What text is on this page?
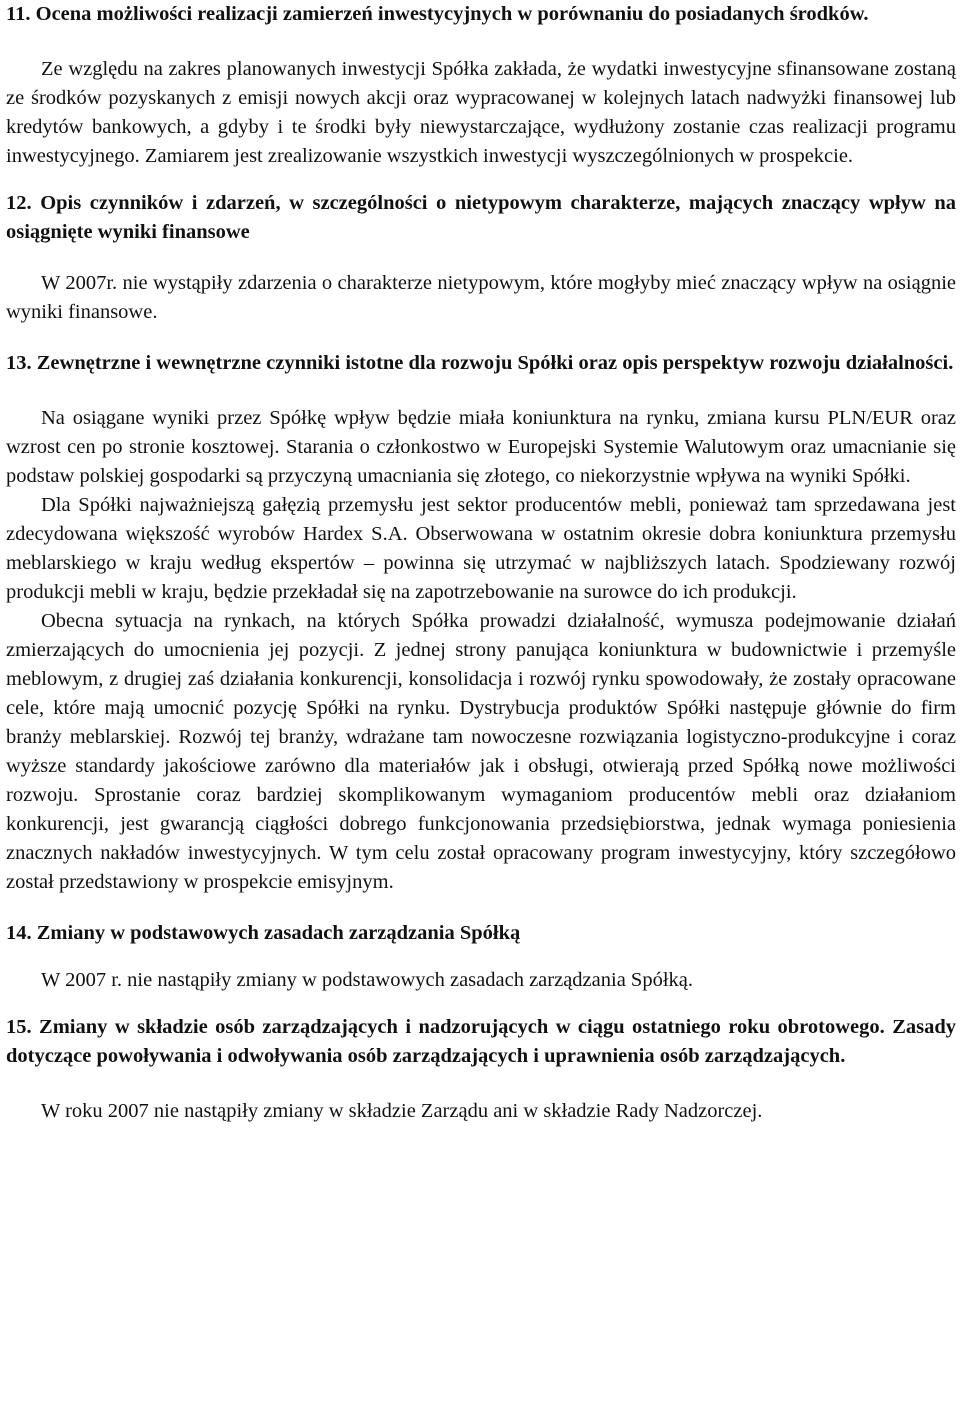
11. Ocena możliwości realizacji zamierzeń inwestycyjnych w porównaniu do posiadanych środków.

Ze względu na zakres planowanych inwestycji Spółka zakłada, że wydatki inwestycyjne sfinansowane zostaną ze środków pozyskanych z emisji nowych akcji oraz wypracowanej w kolejnych latach nadwyżki finansowej lub kredytów bankowych, a gdyby i te środki były niewystarczające, wydłużony zostanie czas realizacji programu inwestycyjnego. Zamiarem jest zrealizowanie wszystkich inwestycji wyszczególnionych w prospekcie.

12. Opis czynników i zdarzeń, w szczególności o nietypowym charakterze, mających znaczący wpływ na osiągnięte wyniki finansowe

W 2007r. nie wystąpiły zdarzenia o charakterze nietypowym, które mogłyby mieć znaczący wpływ na osiągnie wyniki finansowe.

13. Zewnętrzne i wewnętrzne czynniki istotne dla rozwoju Spółki oraz opis perspektyw rozwoju działalności.

Na osiągane wyniki przez Spółkę wpływ będzie miała koniunktura na rynku, zmiana kursu PLN/EUR oraz wzrost cen po stronie kosztowej. Starania o członkostwo w Europejski Systemie Walutowym oraz umacnianie się podstaw polskiej gospodarki są przyczyną umacniania się złotego, co niekorzystnie wpływa na wyniki Spółki.

Dla Spółki najważniejszą gałęzią przemysłu jest sektor producentów mebli, ponieważ tam sprzedawana jest zdecydowana większość wyrobów Hardex S.A. Obserwowana w ostatnim okresie dobra koniunktura przemysłu meblarskiego w kraju według ekspertów – powinna się utrzymać w najbliższych latach. Spodziewany rozwój produkcji mebli w kraju, będzie przekładał się na zapotrzebowanie na surowce do ich produkcji.

Obecna sytuacja na rynkach, na których Spółka prowadzi działalność, wymusza podejmowanie działań zmierzających do umocnienia jej pozycji. Z jednej strony panująca koniunktura w budownictwie i przemyśle meblowym, z drugiej zaś działania konkurencji, konsolidacja i rozwój rynku spowodowały, że zostały opracowane cele, które mają umocnić pozycję Spółki na rynku. Dystrybucja produktów Spółki następuje głównie do firm branży meblarskiej. Rozwój tej branży, wdrażane tam nowoczesne rozwiązania logistyczno-produkcyjne i coraz wyższe standardy jakościowe zarówno dla materiałów jak i obsługi, otwierają przed Spółką nowe możliwości rozwoju. Sprostanie coraz bardziej skomplikowanym wymaganiom producentów mebli oraz działaniom konkurencji, jest gwarancją ciągłości dobrego funkcjonowania przedsiębiorstwa, jednak wymaga poniesienia znacznych nakładów inwestycyjnych. W tym celu został opracowany program inwestycyjny, który szczegółowo został przedstawiony w prospekcie emisyjnym.

14. Zmiany w podstawowych zasadach zarządzania Spółką

W 2007 r. nie nastąpiły zmiany w podstawowych zasadach zarządzania Spółką.

15. Zmiany w składzie osób zarządzających i nadzorujących w ciągu ostatniego roku obrotowego. Zasady dotyczące powoływania i odwoływania osób zarządzających i uprawnienia osób zarządzających.

W roku 2007 nie nastąpiły zmiany w składzie Zarządu ani w składzie Rady Nadzorczej.
